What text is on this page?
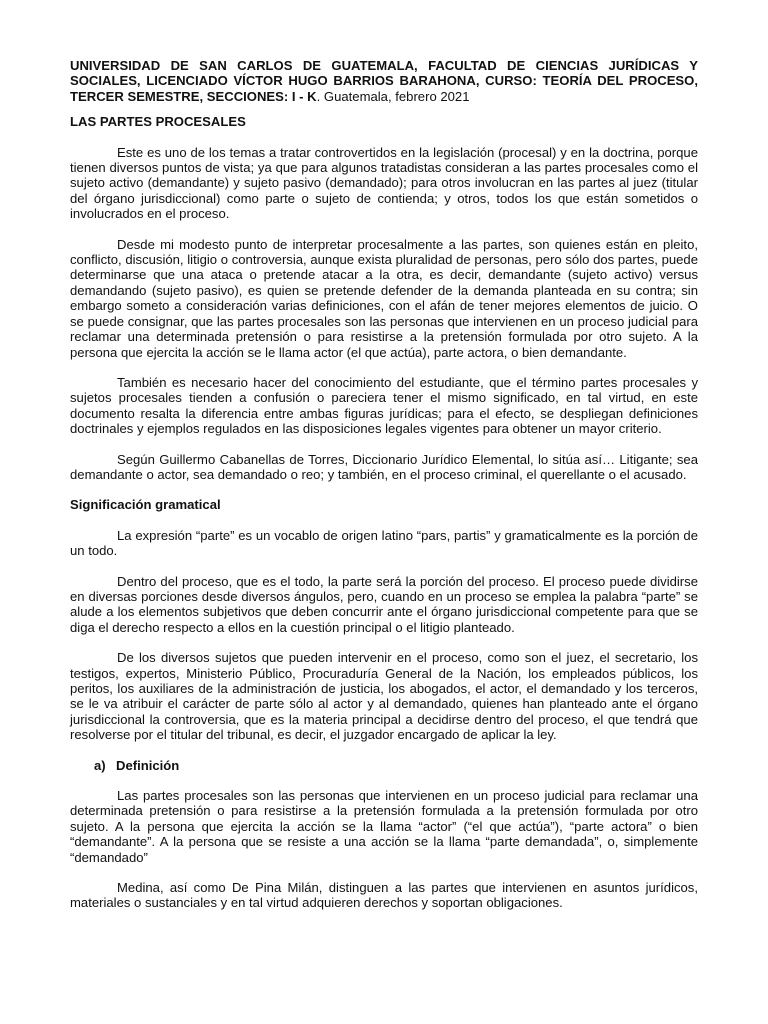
UNIVERSIDAD DE SAN CARLOS DE GUATEMALA, FACULTAD DE CIENCIAS JURÍDICAS Y SOCIALES, LICENCIADO VÍCTOR HUGO BARRIOS BARAHONA, CURSO: TEORÍA DEL PROCESO, TERCER SEMESTRE, SECCIONES: I - K. Guatemala, febrero 2021

LAS PARTES PROCESALES

Este es uno de los temas a tratar controvertidos en la legislación (procesal) y en la doctrina, porque tienen diversos puntos de vista; ya que para algunos tratadistas consideran a las partes procesales como el sujeto activo (demandante) y sujeto pasivo (demandado); para otros involucran en las partes al juez (titular del órgano jurisdiccional) como parte o sujeto de contienda; y otros, todos los que están sometidos o involucrados en el proceso.

Desde mi modesto punto de interpretar procesalmente a las partes, son quienes están en pleito, conflicto, discusión, litigio o controversia, aunque exista pluralidad de personas, pero sólo dos partes, puede determinarse que una ataca o pretende atacar a la otra, es decir, demandante (sujeto activo) versus demandando (sujeto pasivo), es quien se pretende defender de la demanda planteada en su contra; sin embargo someto a consideración varias definiciones, con el afán de tener mejores elementos de juicio. O se puede consignar, que las partes procesales son las personas que intervienen en un proceso judicial para reclamar una determinada pretensión o para resistirse a la pretensión formulada por otro sujeto. A la persona que ejercita la acción se le llama actor (el que actúa), parte actora, o bien demandante.

También es necesario hacer del conocimiento del estudiante, que el término partes procesales y sujetos procesales tienden a confusión o pareciera tener el mismo significado, en tal virtud, en este documento resalta la diferencia entre ambas figuras jurídicas; para el efecto, se despliegan definiciones doctrinales y ejemplos regulados en las disposiciones legales vigentes para obtener un mayor criterio.

Según Guillermo Cabanellas de Torres, Diccionario Jurídico Elemental, lo sitúa así… Litigante; sea demandante o actor, sea demandado o reo; y también, en el proceso criminal, el querellante o el acusado.

Significación gramatical

La expresión “parte” es un vocablo de origen latino “pars, partis” y gramaticalmente es la porción de un todo.

Dentro del proceso, que es el todo, la parte será la porción del proceso. El proceso puede dividirse en diversas porciones desde diversos ángulos, pero, cuando en un proceso se emplea la palabra “parte” se alude a los elementos subjetivos que deben concurrir ante el órgano jurisdiccional competente para que se diga el derecho respecto a ellos en la cuestión principal o el litigio planteado.

De los diversos sujetos que pueden intervenir en el proceso, como son el juez, el secretario, los testigos, expertos, Ministerio Público, Procuraduría General de la Nación, los empleados públicos, los peritos, los auxiliares de la administración de justicia, los abogados, el actor, el demandado y los terceros, se le va atribuir el carácter de parte sólo al actor y al demandado, quienes han planteado ante el órgano jurisdiccional la controversia, que es la materia principal a decidirse dentro del proceso, el que tendrá que resolverse por el titular del tribunal, es decir, el juzgador encargado de aplicar la ley.

a) Definición

Las partes procesales son las personas que intervienen en un proceso judicial para reclamar una determinada pretensión o para resistirse a la pretensión formulada a la pretensión formulada por otro sujeto. A la persona que ejercita la acción se la llama “actor” (“el que actúa”), “parte actora” o bien “demandante”. A la persona que se resiste a una acción se la llama “parte demandada”, o, simplemente “demandado”

Medina, así como De Pina Milán, distinguen a las partes que intervienen en asuntos jurídicos, materiales o sustanciales y en tal virtud adquieren derechos y soportan obligaciones.
